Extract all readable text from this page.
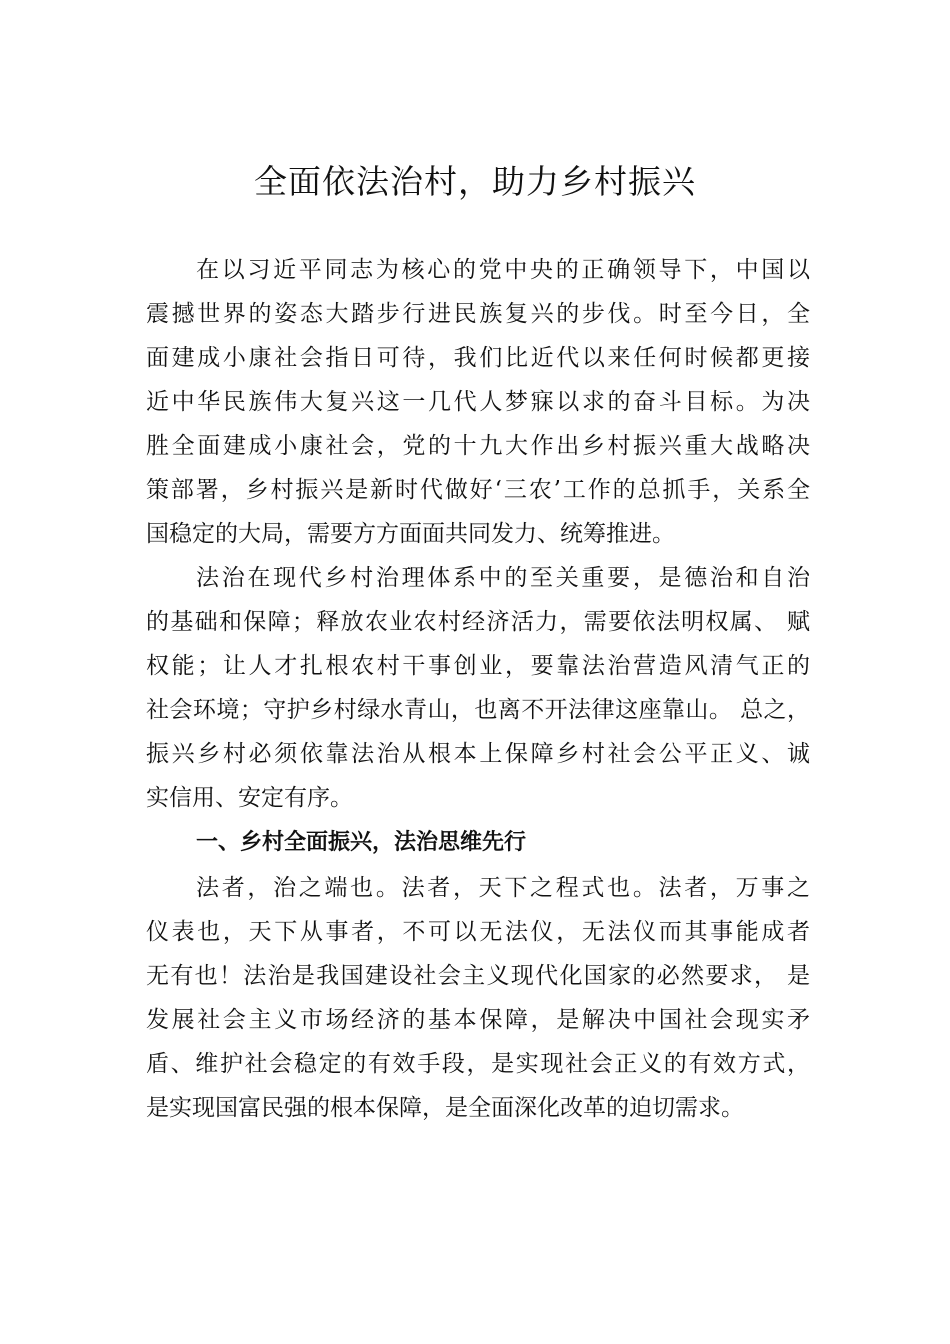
全面依法治村，助力乡村振兴
在以习近平同志为核心的党中央的正确领导下，中国以
震撼世界的姿态大踏步行进民族复兴的步伐。时至今日，全
面建成小康社会指日可待，我们比近代以来任何时候都更接
近中华民族伟大复兴这一几代人梦寐以求的奋斗目标。为决
胜全面建成小康社会，党的十九大作出乡村振兴重大战略决
策部署，乡村振兴是新时代做好‘三农’工作的总抓手，关系全
国稳定的大局，需要方方面面共同发力、统筹推进。
法治在现代乡村治理体系中的至关重要，是德治和自治
的基础和保障；释放农业农村经济活力，需要依法明权属、 赋
权能；让人才扎根农村干事创业，要靠法治营造风清气正的
社会环境；守护乡村绿水青山，也离不开法律这座靠山。 总之，
振兴乡村必须依靠法治从根本上保障乡村社会公平正义、诚
实信用、安定有序。
一、乡村全面振兴，法治思维先行
法者，治之端也。法者，天下之程式也。法者，万事之
仪表也，天下从事者，不可以无法仪，无法仪而其事能成者
无有也！法治是我国建设社会主义现代化国家的必然要求， 是
发展社会主义市场经济的基本保障，是解决中国社会现实矛
盾、维护社会稳定的有效手段，是实现社会正义的有效方式，
是实现国富民强的根本保障，是全面深化改革的迫切需求。
